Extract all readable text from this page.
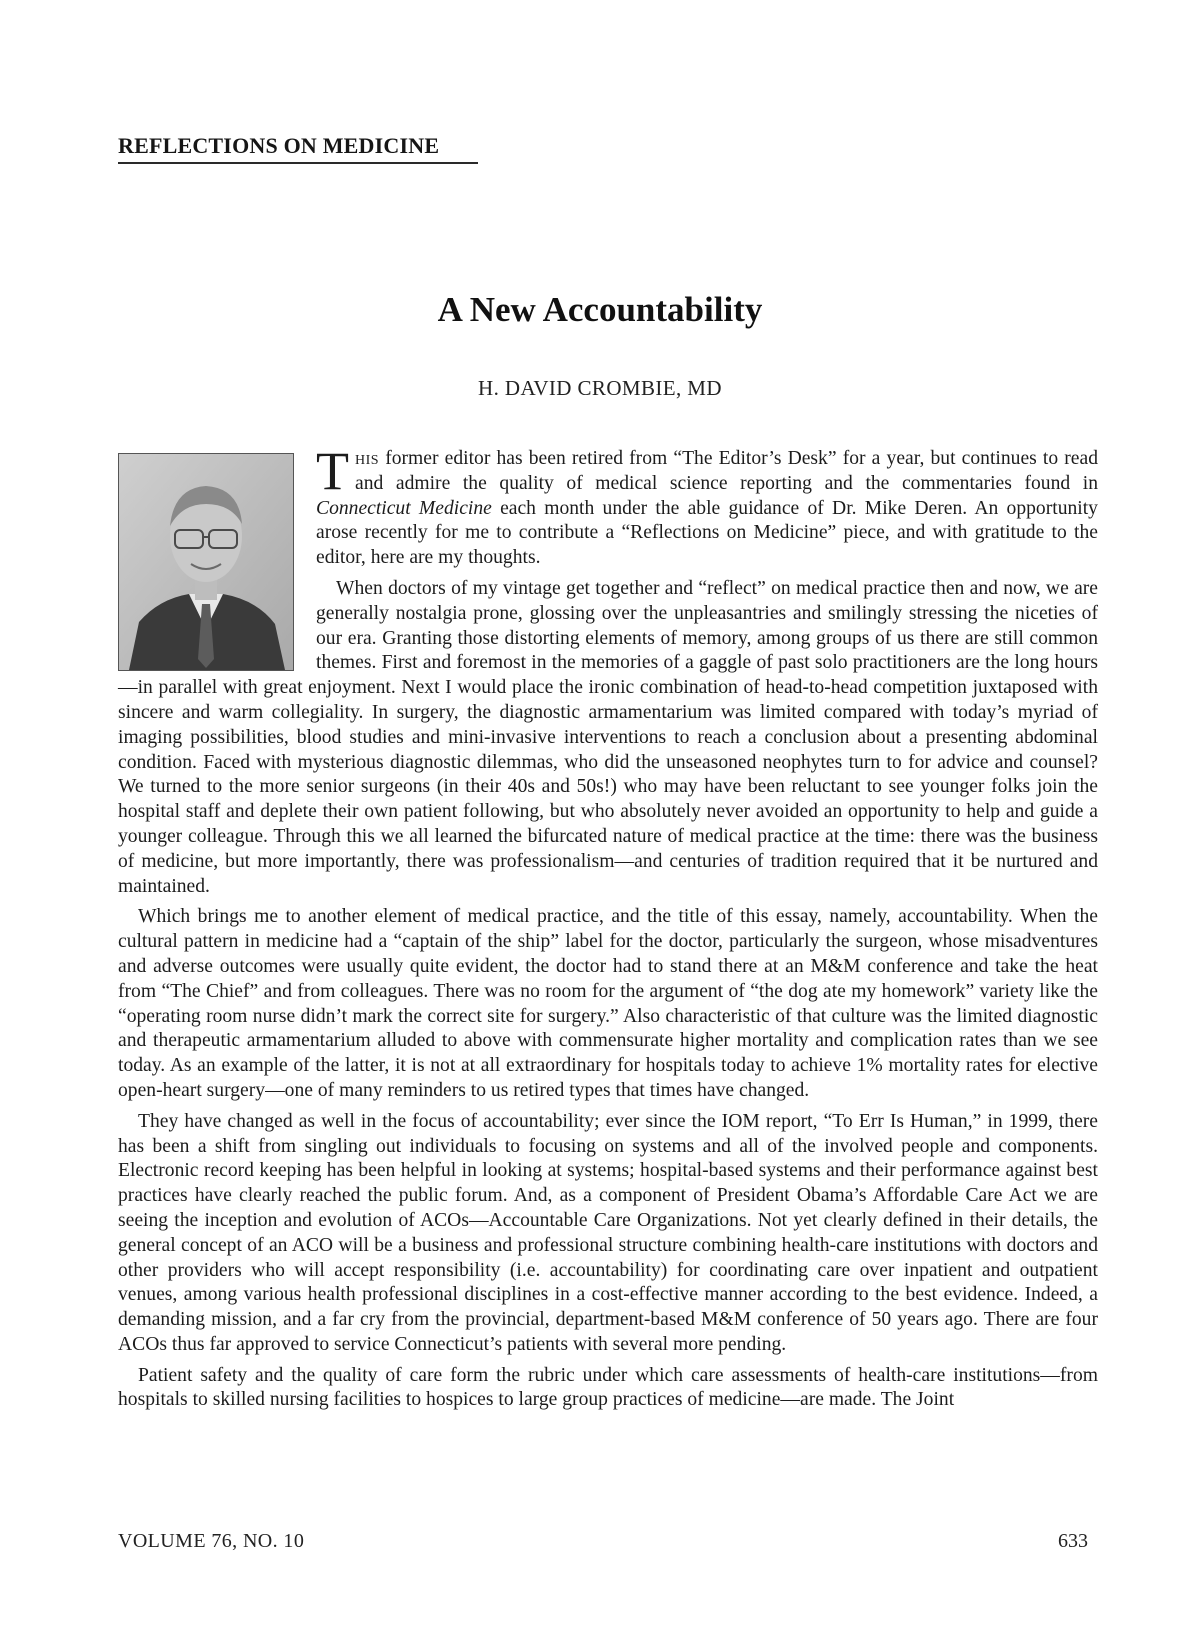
REFLECTIONS ON MEDICINE
A New Accountability
H. DAVID CROMBIE, MD

This former editor has been retired from “The Editor’s Desk” for a year, but continues to read and admire the quality of medical science reporting and the commentaries found in Connecticut Medicine each month under the able guidance of Dr. Mike Deren. An opportunity arose recently for me to contribute a “Reflections on Medicine” piece, and with gratitude to the editor, here are my thoughts.

When doctors of my vintage get together and “reflect” on medical practice then and now, we are generally nostalgia prone, glossing over the unpleasantries and smilingly stressing the niceties of our era. Granting those distorting elements of memory, among groups of us there are still common themes. First and foremost in the memories of a gaggle of past solo practitioners are the long hours—in parallel with great enjoyment. Next I would place the ironic combination of head-to-head competition juxtaposed with sincere and warm collegiality. In surgery, the diagnostic armamentarium was limited compared with today’s myriad of imaging possibilities, blood studies and mini-invasive interventions to reach a conclusion about a presenting abdominal condition. Faced with mysterious diagnostic dilemmas, who did the unseasoned neophytes turn to for advice and counsel? We turned to the more senior surgeons (in their 40s and 50s!) who may have been reluctant to see younger folks join the hospital staff and deplete their own patient following, but who absolutely never avoided an opportunity to help and guide a younger colleague. Through this we all learned the bifurcated nature of medical practice at the time: there was the business of medicine, but more importantly, there was professionalism—and centuries of tradition required that it be nurtured and maintained.

Which brings me to another element of medical practice, and the title of this essay, namely, accountability. When the cultural pattern in medicine had a “captain of the ship” label for the doctor, particularly the surgeon, whose misadventures and adverse outcomes were usually quite evident, the doctor had to stand there at an M&M conference and take the heat from “The Chief” and from colleagues. There was no room for the argument of “the dog ate my homework” variety like the “operating room nurse didn’t mark the correct site for surgery.” Also characteristic of that culture was the limited diagnostic and therapeutic armamentarium alluded to above with commensurate higher mortality and complication rates than we see today. As an example of the latter, it is not at all extraordinary for hospitals today to achieve 1% mortality rates for elective open-heart surgery—one of many reminders to us retired types that times have changed.

They have changed as well in the focus of accountability; ever since the IOM report, “To Err Is Human,” in 1999, there has been a shift from singling out individuals to focusing on systems and all of the involved people and components. Electronic record keeping has been helpful in looking at systems; hospital-based systems and their performance against best practices have clearly reached the public forum. And, as a component of President Obama’s Affordable Care Act we are seeing the inception and evolution of ACOs—Accountable Care Organizations. Not yet clearly defined in their details, the general concept of an ACO will be a business and professional structure combining health-care institutions with doctors and other providers who will accept responsibility (i.e. accountability) for coordinating care over inpatient and outpatient venues, among various health professional disciplines in a cost-effective manner according to the best evidence. Indeed, a demanding mission, and a far cry from the provincial, department-based M&M conference of 50 years ago. There are four ACOs thus far approved to service Connecticut’s patients with several more pending.

Patient safety and the quality of care form the rubric under which care assessments of health-care institutions—from hospitals to skilled nursing facilities to hospices to large group practices of medicine—are made. The Joint

VOLUME 76, NO. 10	633
